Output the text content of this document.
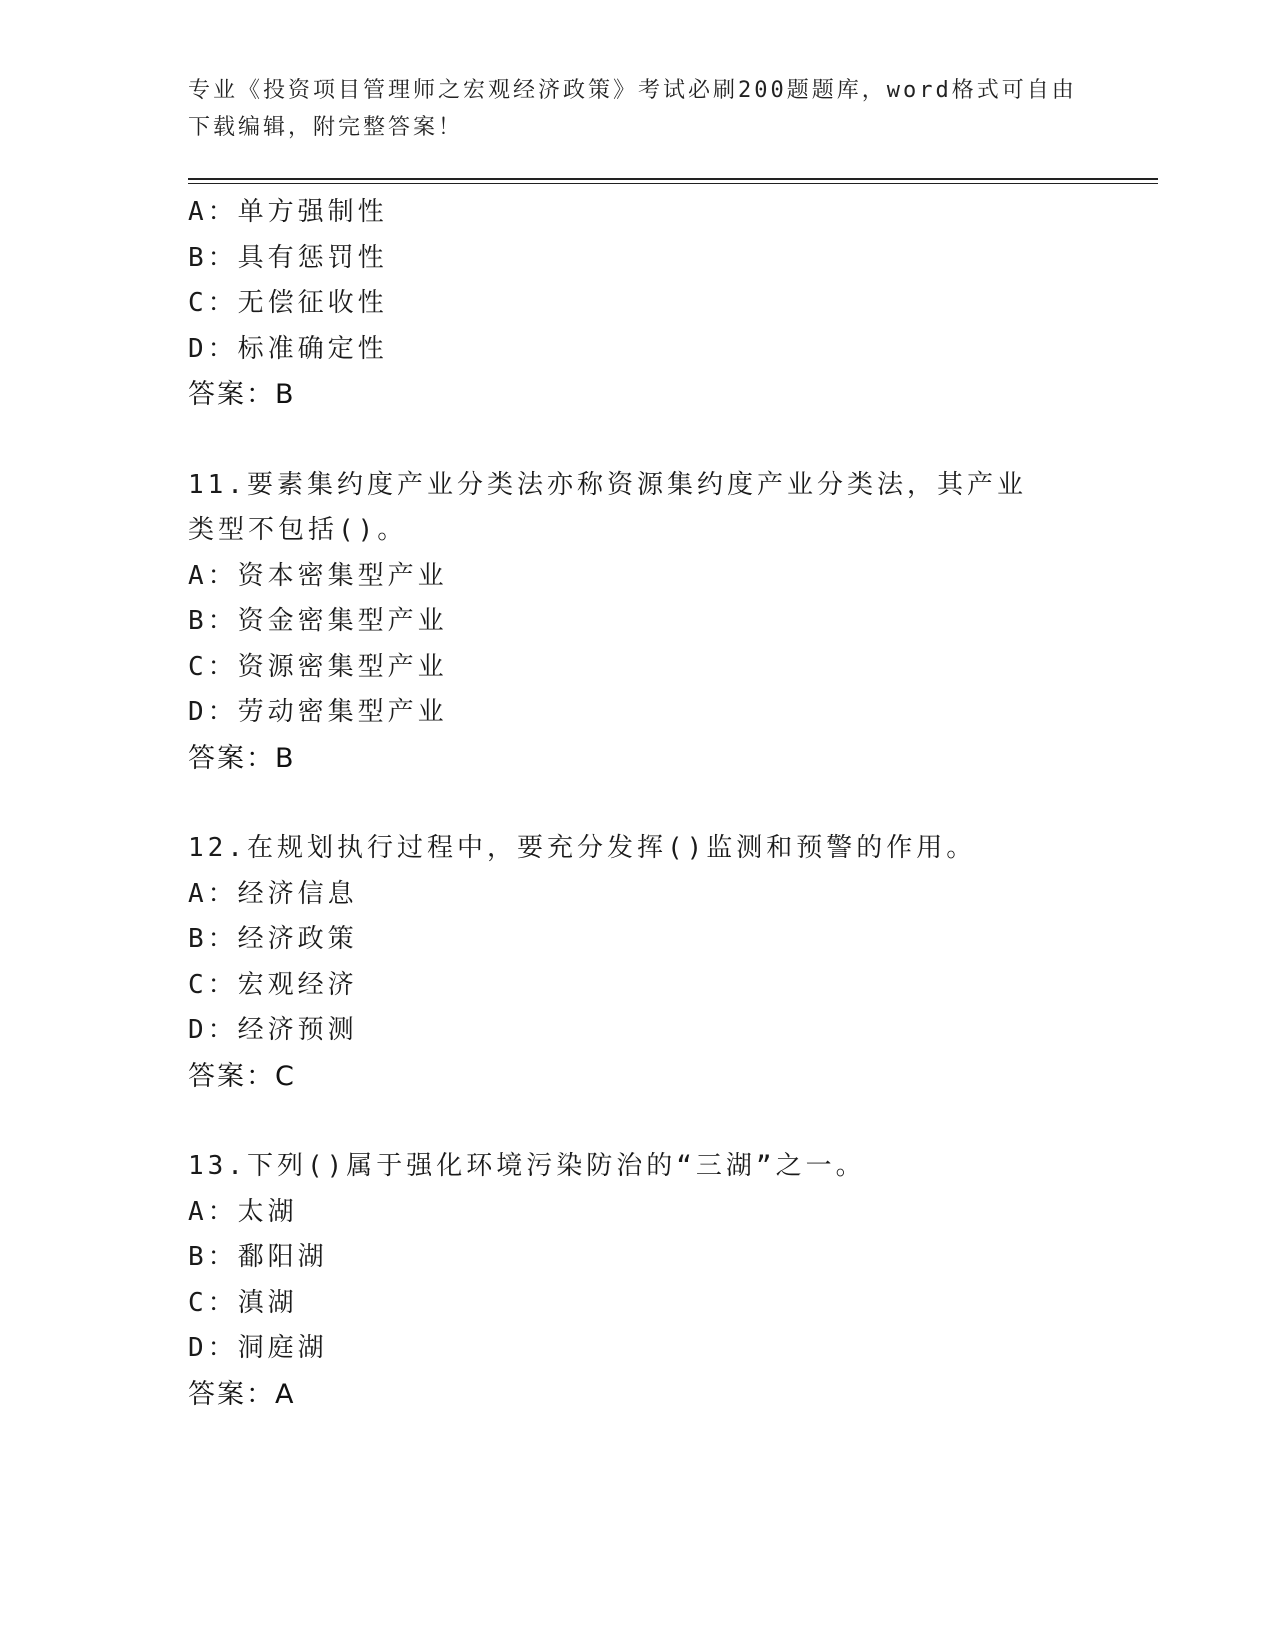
专业《投资项目管理师之宏观经济政策》考试必刷200题题库，word格式可自由
下载编辑，附完整答案！
A：单方强制性
B：具有惩罚性
C：无偿征收性
D：标准确定性
答案：B
11.要素集约度产业分类法亦称资源集约度产业分类法，其产业类型不包括()。
A：资本密集型产业
B：资金密集型产业
C：资源密集型产业
D：劳动密集型产业
答案：B
12.在规划执行过程中，要充分发挥()监测和预警的作用。
A：经济信息
B：经济政策
C：宏观经济
D：经济预测
答案：C
13.下列()属于强化环境污染防治的“三湖”之一。
A：太湖
B：鄱阳湖
C：滇湖
D：洞庭湖
答案：A
